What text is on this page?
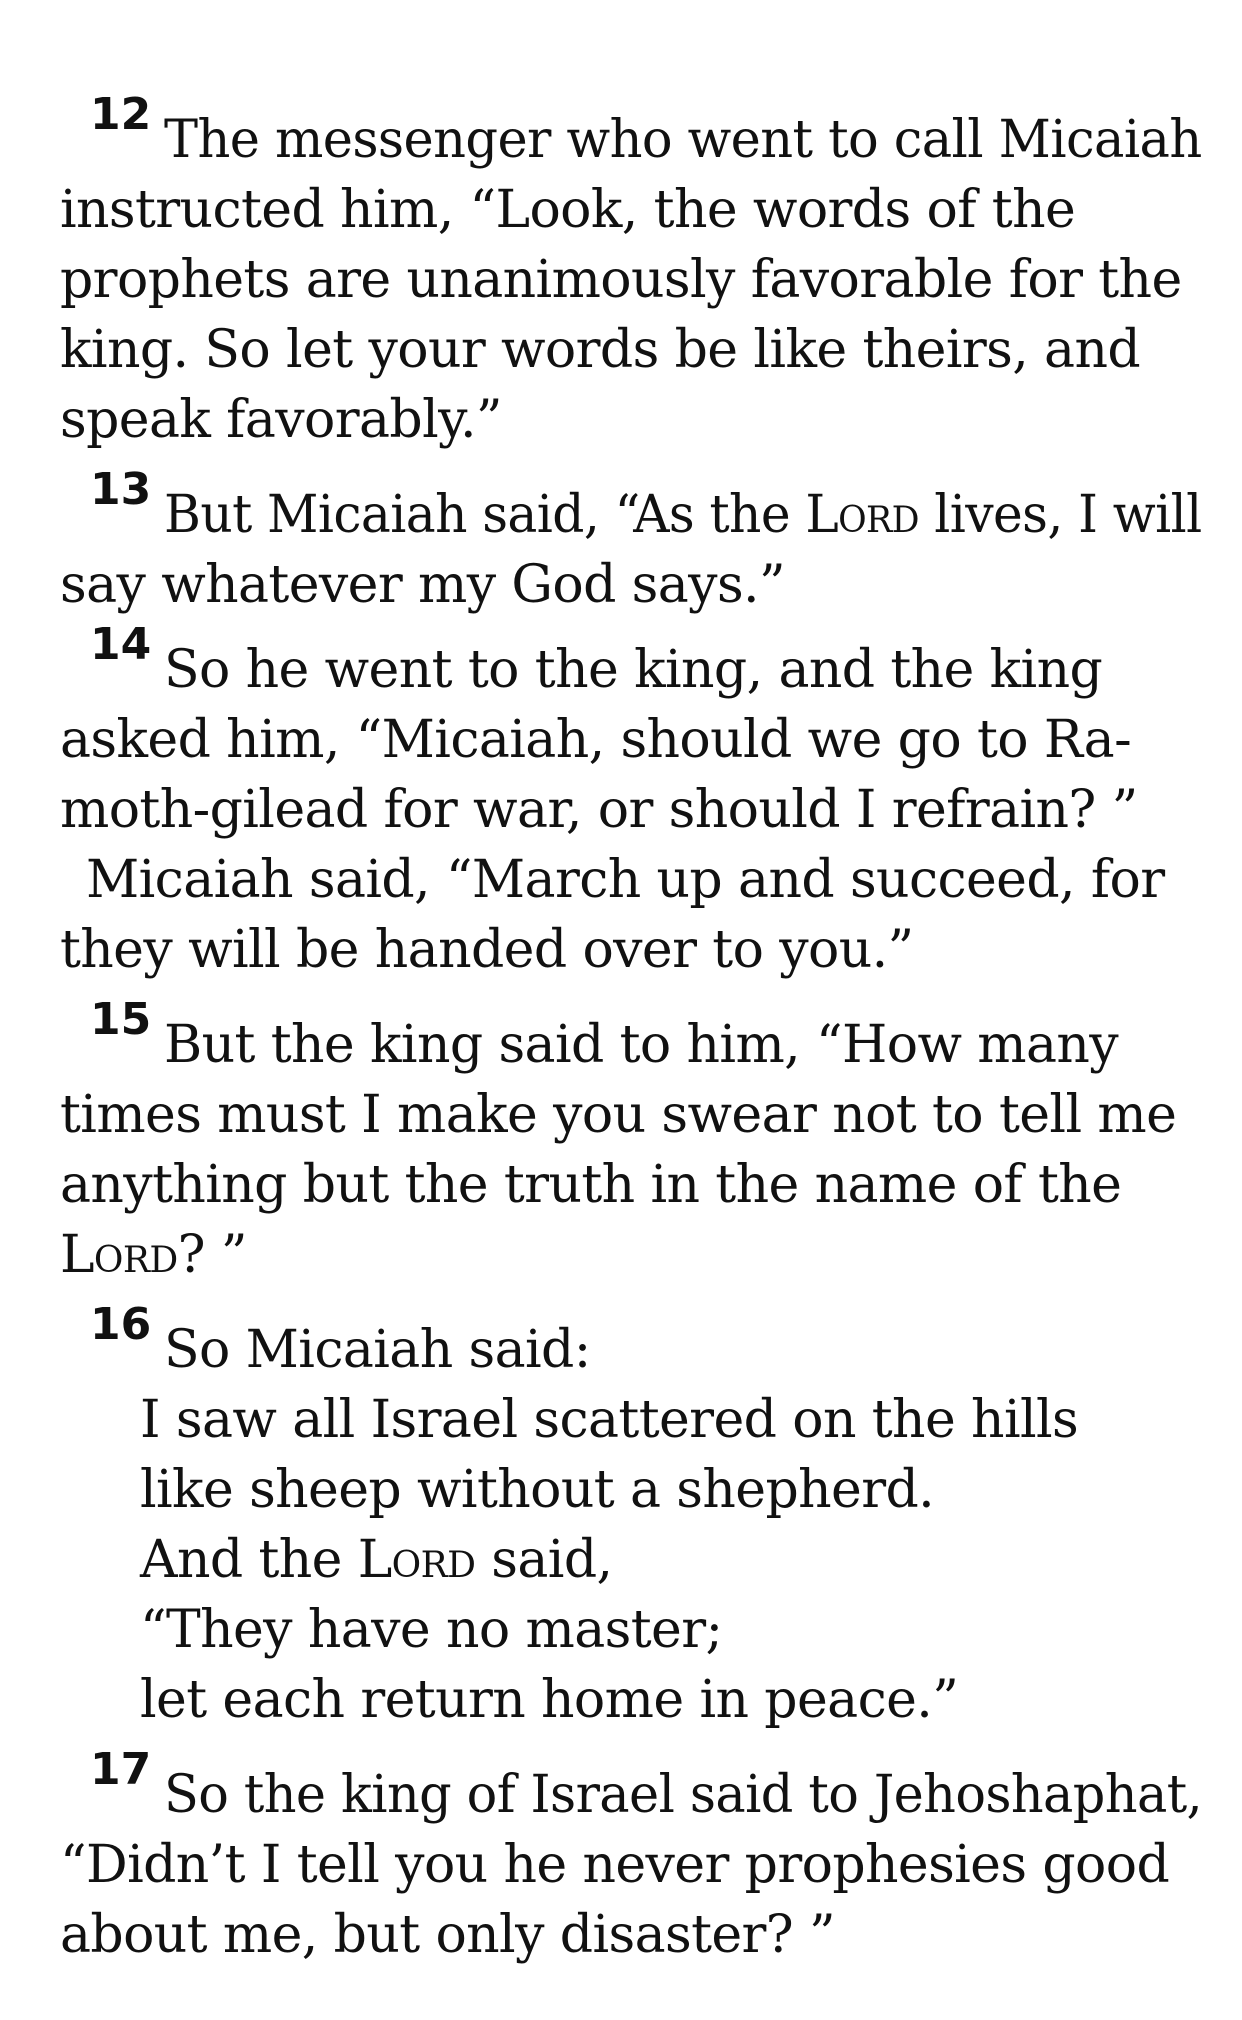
12 The messenger who went to call Micaiah
instructed him, “Look, the words of the
prophets are unanimously favorable for the
king. So let your words be like theirs, and
speak favorably.”
13 But Micaiah said, “As the Lord lives, I will
say whatever my God says.”
14 So he went to the king, and the king
asked him, “Micaiah, should we go to Ra-
moth-gilead for war, or should I refrain? ”
Micaiah said, “March up and succeed, for
they will be handed over to you.”
15 But the king said to him, “How many
times must I make you swear not to tell me
anything but the truth in the name of the
Lord? ”
16 So Micaiah said:
I saw all Israel scattered on the hills
like sheep without a shepherd.
And the Lord said,
“They have no master;
let each return home in peace.”
17 So the king of Israel said to Jehoshaphat,
“Didn’t I tell you he never prophesies good
about me, but only disaster? ”
